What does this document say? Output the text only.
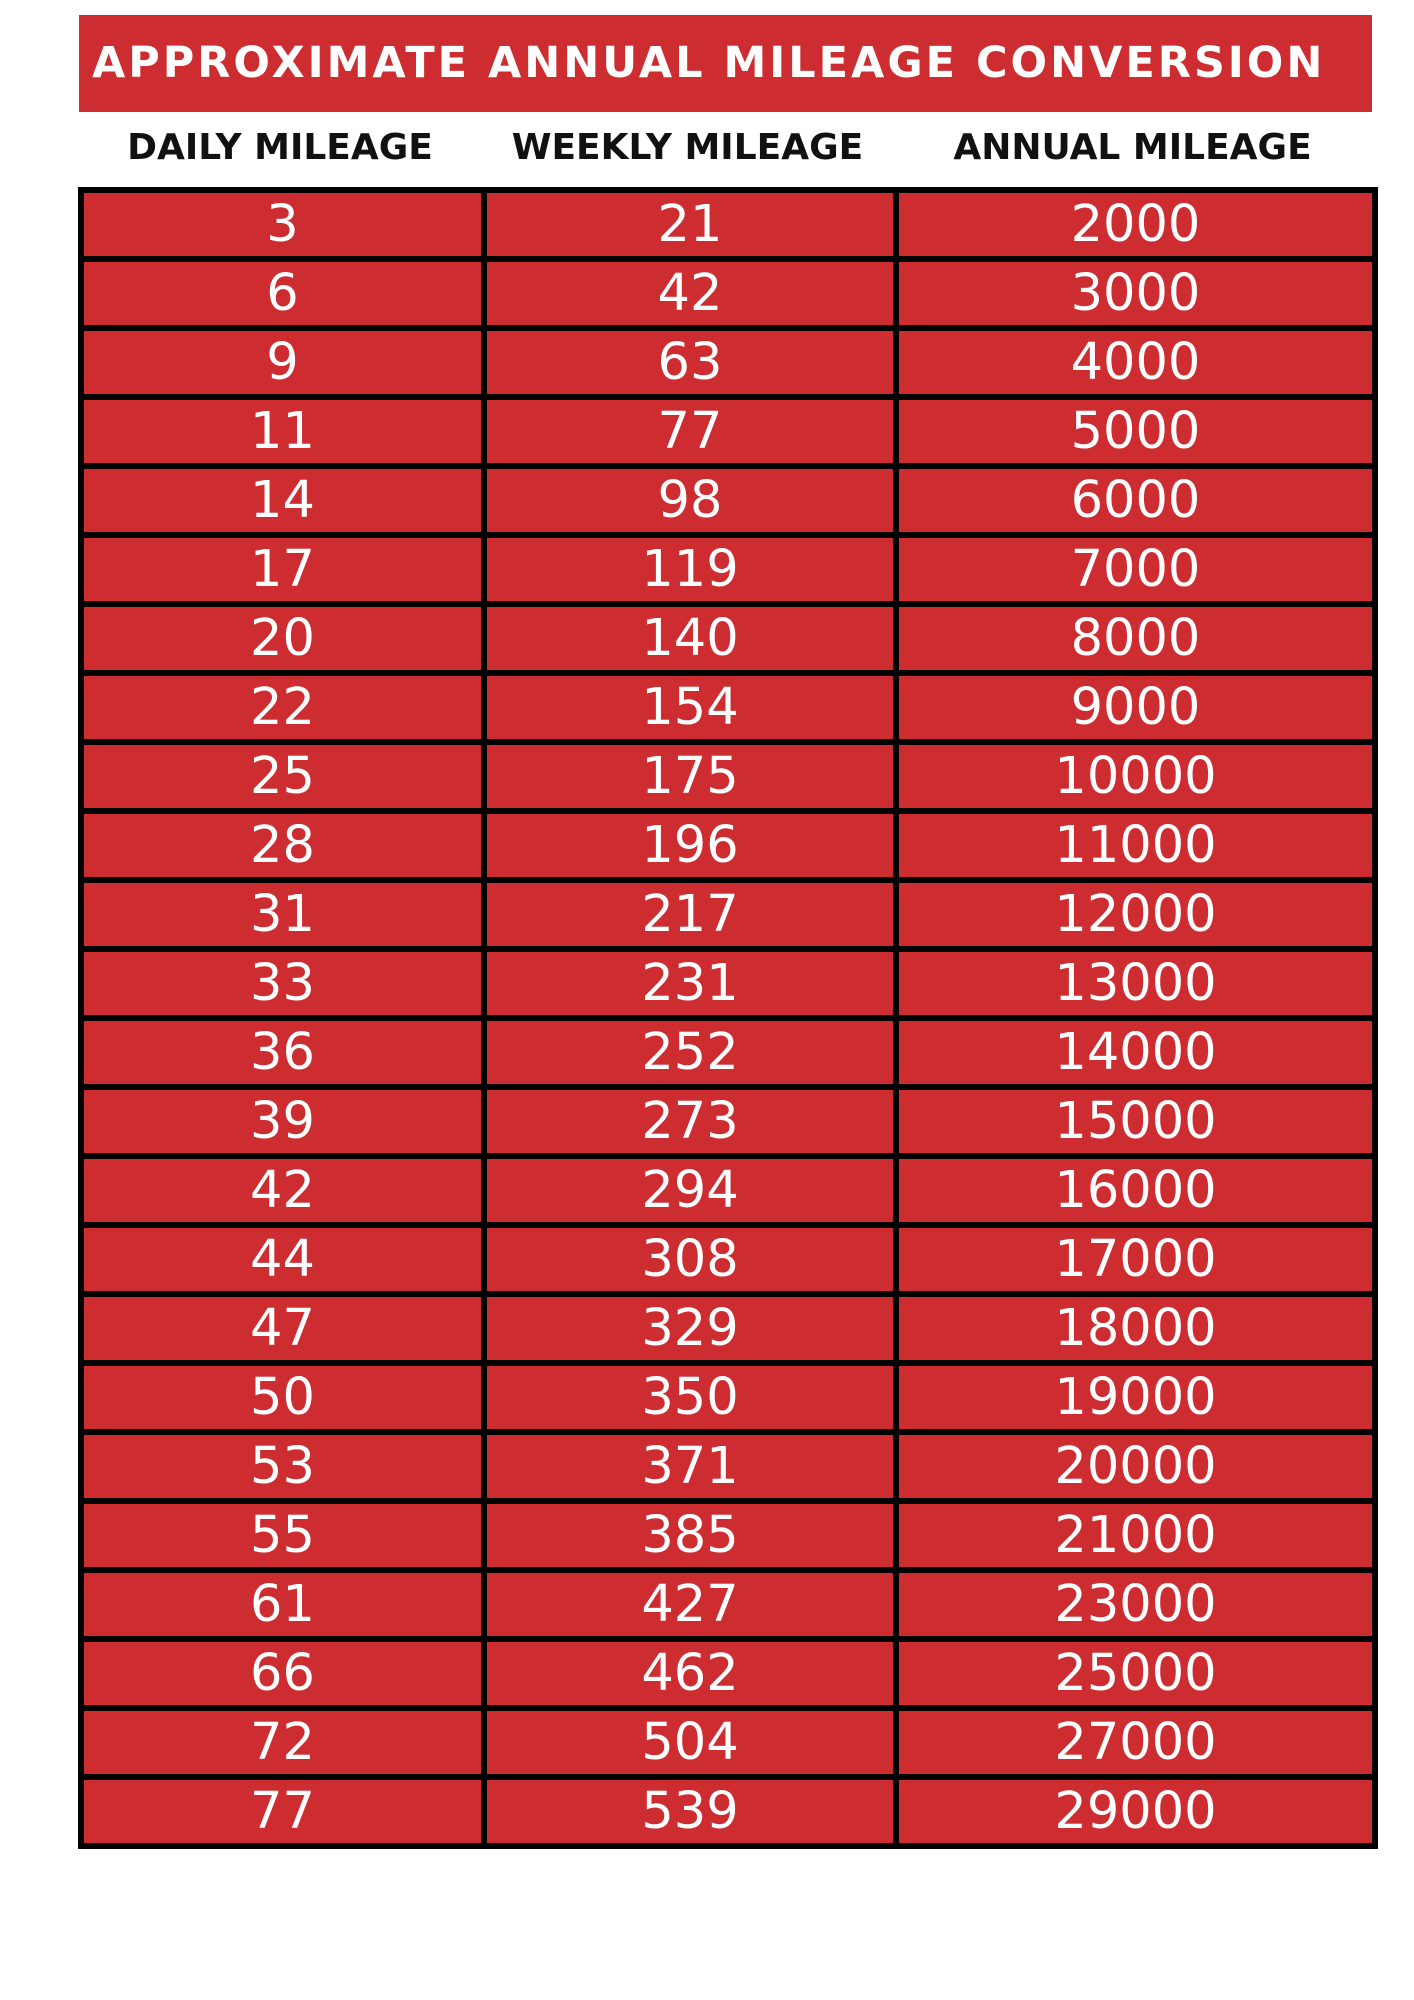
APPROXIMATE ANNUAL MILEAGE CONVERSION
DAILY MILEAGE	WEEKLY MILEAGE	ANNUAL MILEAGE
3	21	2000
6	42	3000
9	63	4000
11	77	5000
14	98	6000
17	119	7000
20	140	8000
22	154	9000
25	175	10000
28	196	11000
31	217	12000
33	231	13000
36	252	14000
39	273	15000
42	294	16000
44	308	17000
47	329	18000
50	350	19000
53	371	20000
55	385	21000
61	427	23000
66	462	25000
72	504	27000
77	539	29000
